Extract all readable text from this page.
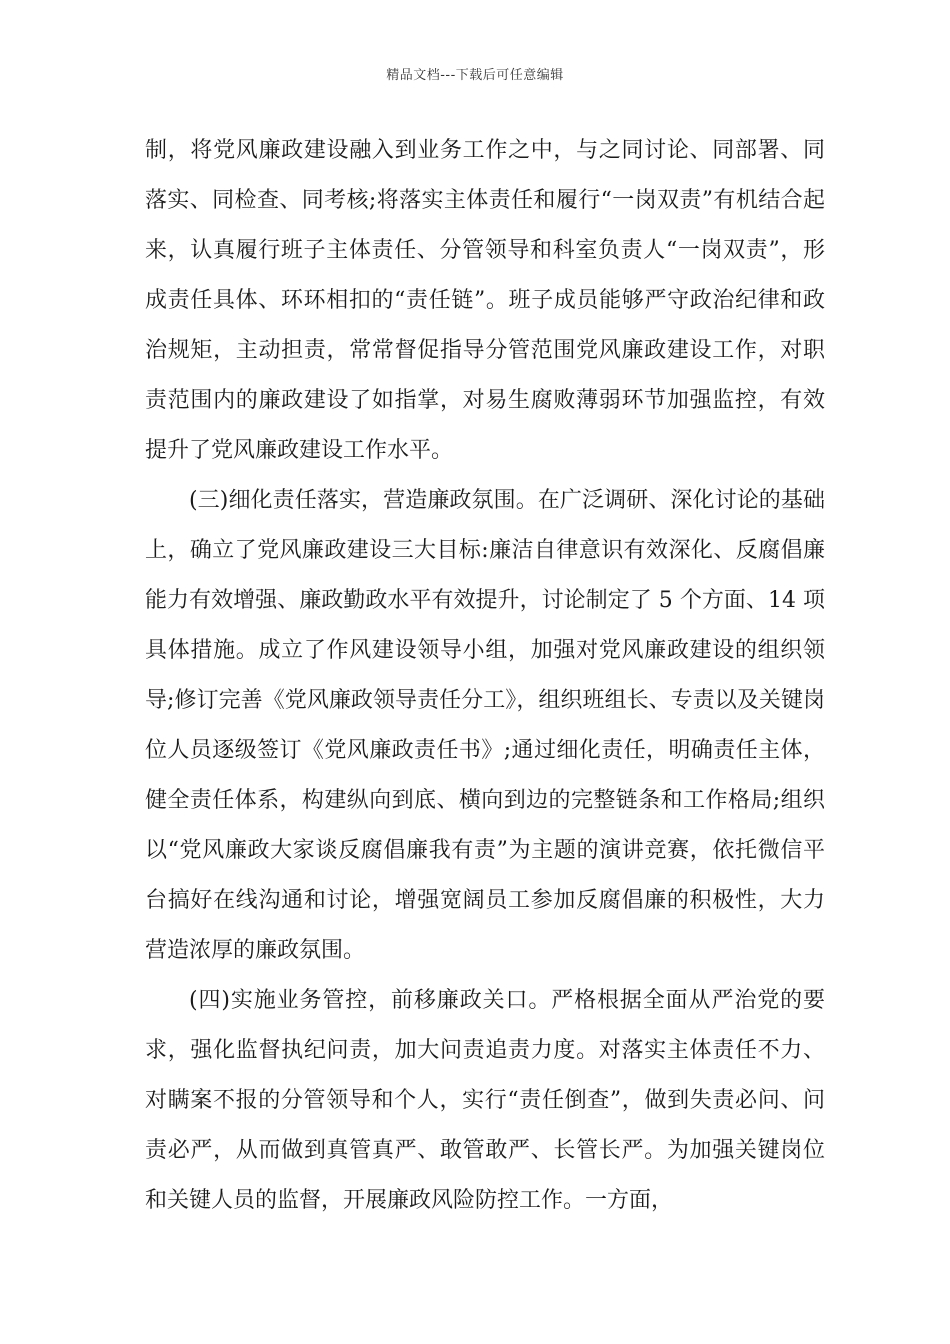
精品文档---下载后可任意编辑

制，将党风廉政建设融入到业务工作之中，与之同讨论、同部署、同落实、同检查、同考核;将落实主体责任和履行“一岗双责”有机结合起来，认真履行班子主体责任、分管领导和科室负责人“一岗双责”，形成责任具体、环环相扣的“责任链”。班子成员能够严守政治纪律和政治规矩，主动担责，常常督促指导分管范围党风廉政建设工作，对职责范围内的廉政建设了如指掌，对易生腐败薄弱环节加强监控，有效提升了党风廉政建设工作水平。

(三)细化责任落实，营造廉政氛围。在广泛调研、深化讨论的基础上，确立了党风廉政建设三大目标:廉洁自律意识有效深化、反腐倡廉能力有效增强、廉政勤政水平有效提升，讨论制定了 5 个方面、14 项具体措施。成立了作风建设领导小组，加强对党风廉政建设的组织领导;修订完善《党风廉政领导责任分工》，组织班组长、专责以及关键岗位人员逐级签订《党风廉政责任书》;通过细化责任，明确责任主体，健全责任体系，构建纵向到底、横向到边的完整链条和工作格局;组织以“党风廉政大家谈反腐倡廉我有责”为主题的演讲竞赛，依托微信平台搞好在线沟通和讨论，增强宽阔员工参加反腐倡廉的积极性，大力营造浓厚的廉政氛围。

(四)实施业务管控，前移廉政关口。严格根据全面从严治党的要求，强化监督执纪问责，加大问责追责力度。对落实主体责任不力、对瞒案不报的分管领导和个人，实行“责任倒查”，做到失责必问、问责必严，从而做到真管真严、敢管敢严、长管长严。为加强关键岗位和关键人员的监督，开展廉政风险防控工作。一方面，
